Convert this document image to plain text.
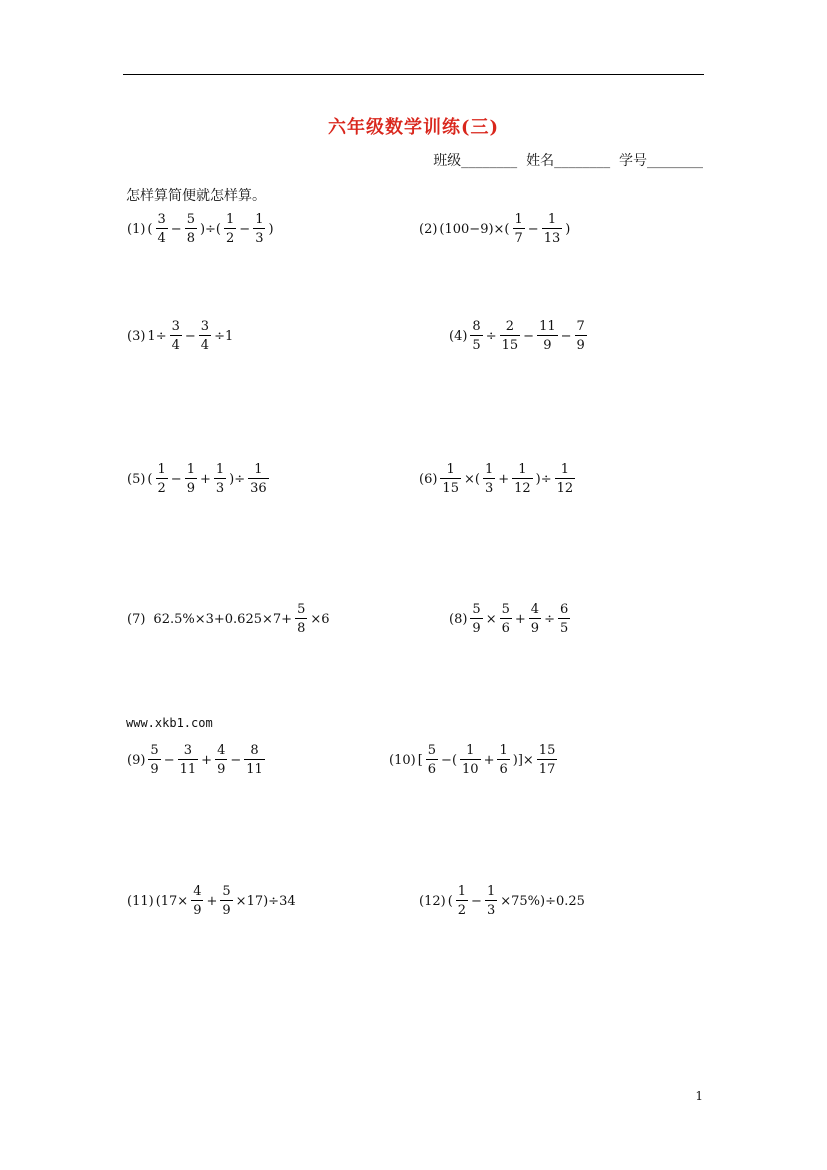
六年级数学训练(三)
班级________ 姓名________ 学号________
怎样算简便就怎样算。
(1) (
3
4
−
5
8
)÷(
1
2
−
1
3
)	(2) (100−9)×(
1
7
−
1
13
)
(3) 1÷
3
4
−
3
4
÷1	(4)
8
5
÷
2
15
−
11
9
−
7
9
(5) (
1
2
−
1
9
+
1
3
)÷
1
36
(6)
1
15
×(
1
3
+
1
12
)÷
1
12
(7) 62.5%×3+0.625×7+
5
8
×6	(8)
5
9
×
5
6
+
4
9
÷
6
5
www.xkb1.com
(9)
5
9
−
3
11
+
4
9
−
8
11
(10) [
5
6
−(
1
10
+
1
6
)]×
15
17
(11) (17×
4
9
+
5
9
×17)÷34	(12) (
1
2
−
1
3
×75%)÷0.25
1
